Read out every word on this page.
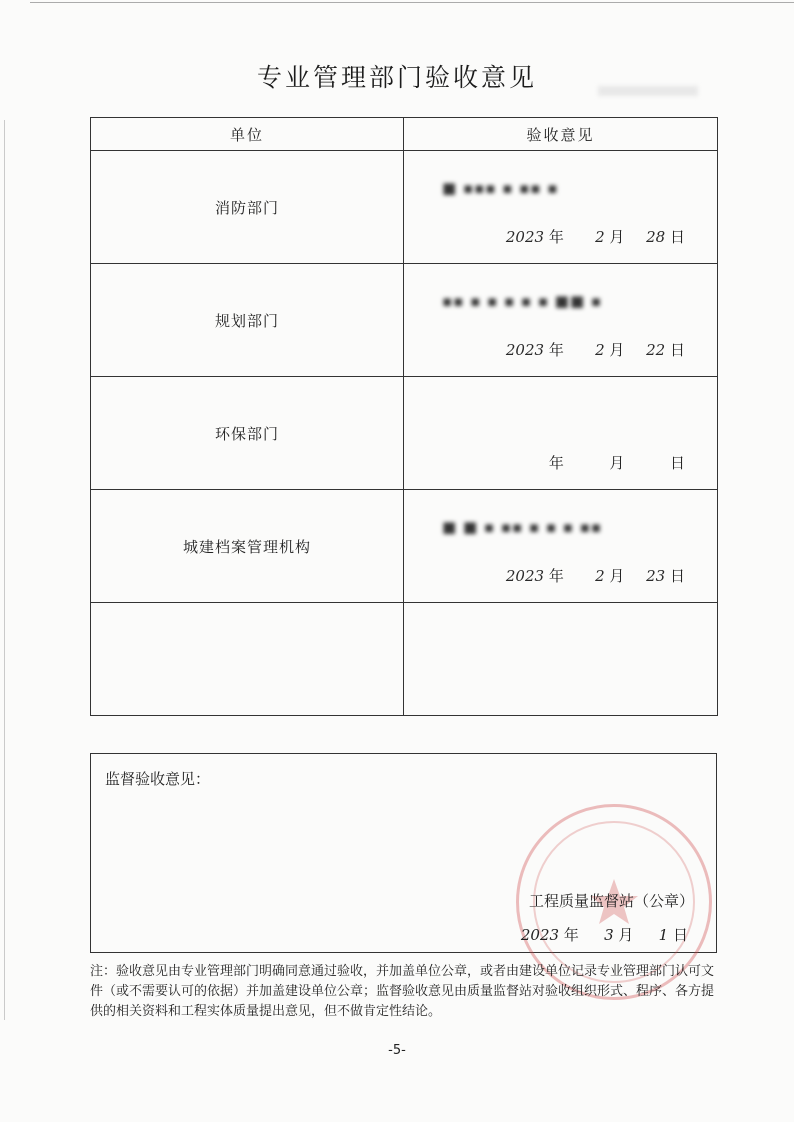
专业管理部门验收意见
单位	验收意见
消防部门	■ ▪▪▪ ▪ ▪▪ ▪
2023 年 2 月 28 日

规划部门	▪▪ ▪ ▪ ▪ ▪ ▪ ■■ ▪
2023 年 2 月 22 日

环保部门	年 月 日

城建档案管理机构	■ ■ ▪ ▪▪ ▪ ▪ ▪ ▪▪
2023 年 2 月 23 日

监督验收意见：
工程质量监督站（公章）
2023 年 3 月 1 日
注：验收意见由专业管理部门明确同意通过验收，并加盖单位公章，或者由建设单位记录专业管理部门认可文件（或不需要认可的依据）并加盖建设单位公章；监督验收意见由质量监督站对验收组织形式、程序、各方提供的相关资料和工程实体质量提出意见，但不做肯定性结论。
-5-
